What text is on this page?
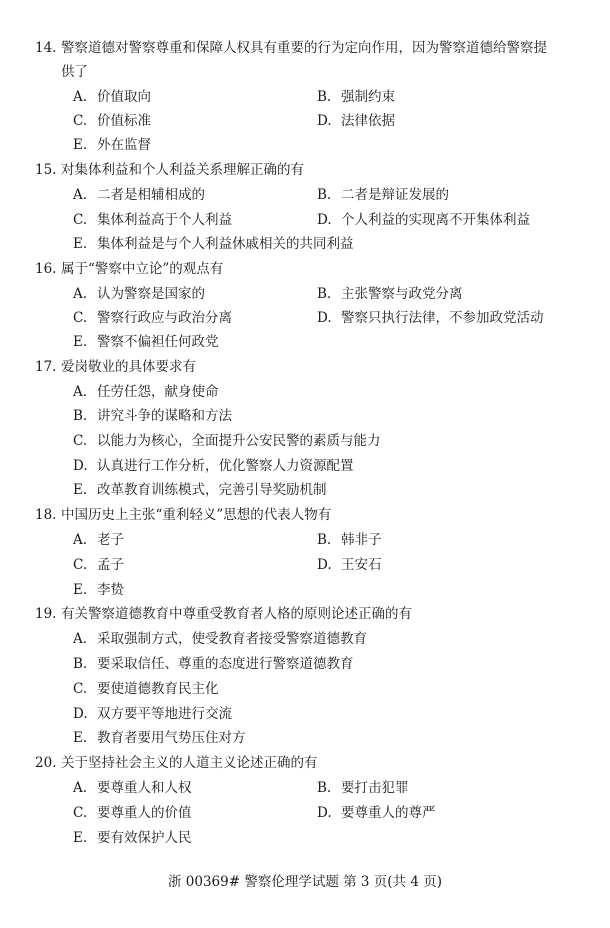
14. 警察道德对警察尊重和保障人权具有重要的行为定向作用，因为警察道德给警察提
供了
A. 价值取向	B. 强制约束
C. 价值标准	D. 法律依据
E. 外在监督
15. 对集体利益和个人利益关系理解正确的有
A. 二者是相辅相成的	B. 二者是辩证发展的
C. 集体利益高于个人利益	D. 个人利益的实现离不开集体利益
E. 集体利益是与个人利益休戚相关的共同利益
16. 属于“警察中立论”的观点有
A. 认为警察是国家的	B. 主张警察与政党分离
C. 警察行政应与政治分离	D. 警察只执行法律，不参加政党活动
E. 警察不偏袒任何政党
17. 爱岗敬业的具体要求有
A. 任劳任怨，献身使命
B. 讲究斗争的谋略和方法
C. 以能力为核心，全面提升公安民警的素质与能力
D. 认真进行工作分析，优化警察人力资源配置
E. 改革教育训练模式，完善引导奖励机制
18. 中国历史上主张“重利轻义”思想的代表人物有
A. 老子	B. 韩非子
C. 孟子	D. 王安石
E. 李贽
19. 有关警察道德教育中尊重受教育者人格的原则论述正确的有
A. 采取强制方式，使受教育者接受警察道德教育
B. 要采取信任、尊重的态度进行警察道德教育
C. 要使道德教育民主化
D. 双方要平等地进行交流
E. 教育者要用气势压住对方
20. 关于坚持社会主义的人道主义论述正确的有
A. 要尊重人和人权	B. 要打击犯罪
C. 要尊重人的价值	D. 要尊重人的尊严
E. 要有效保护人民
浙 00369# 警察伦理学试题 第 3 页(共 4 页)
